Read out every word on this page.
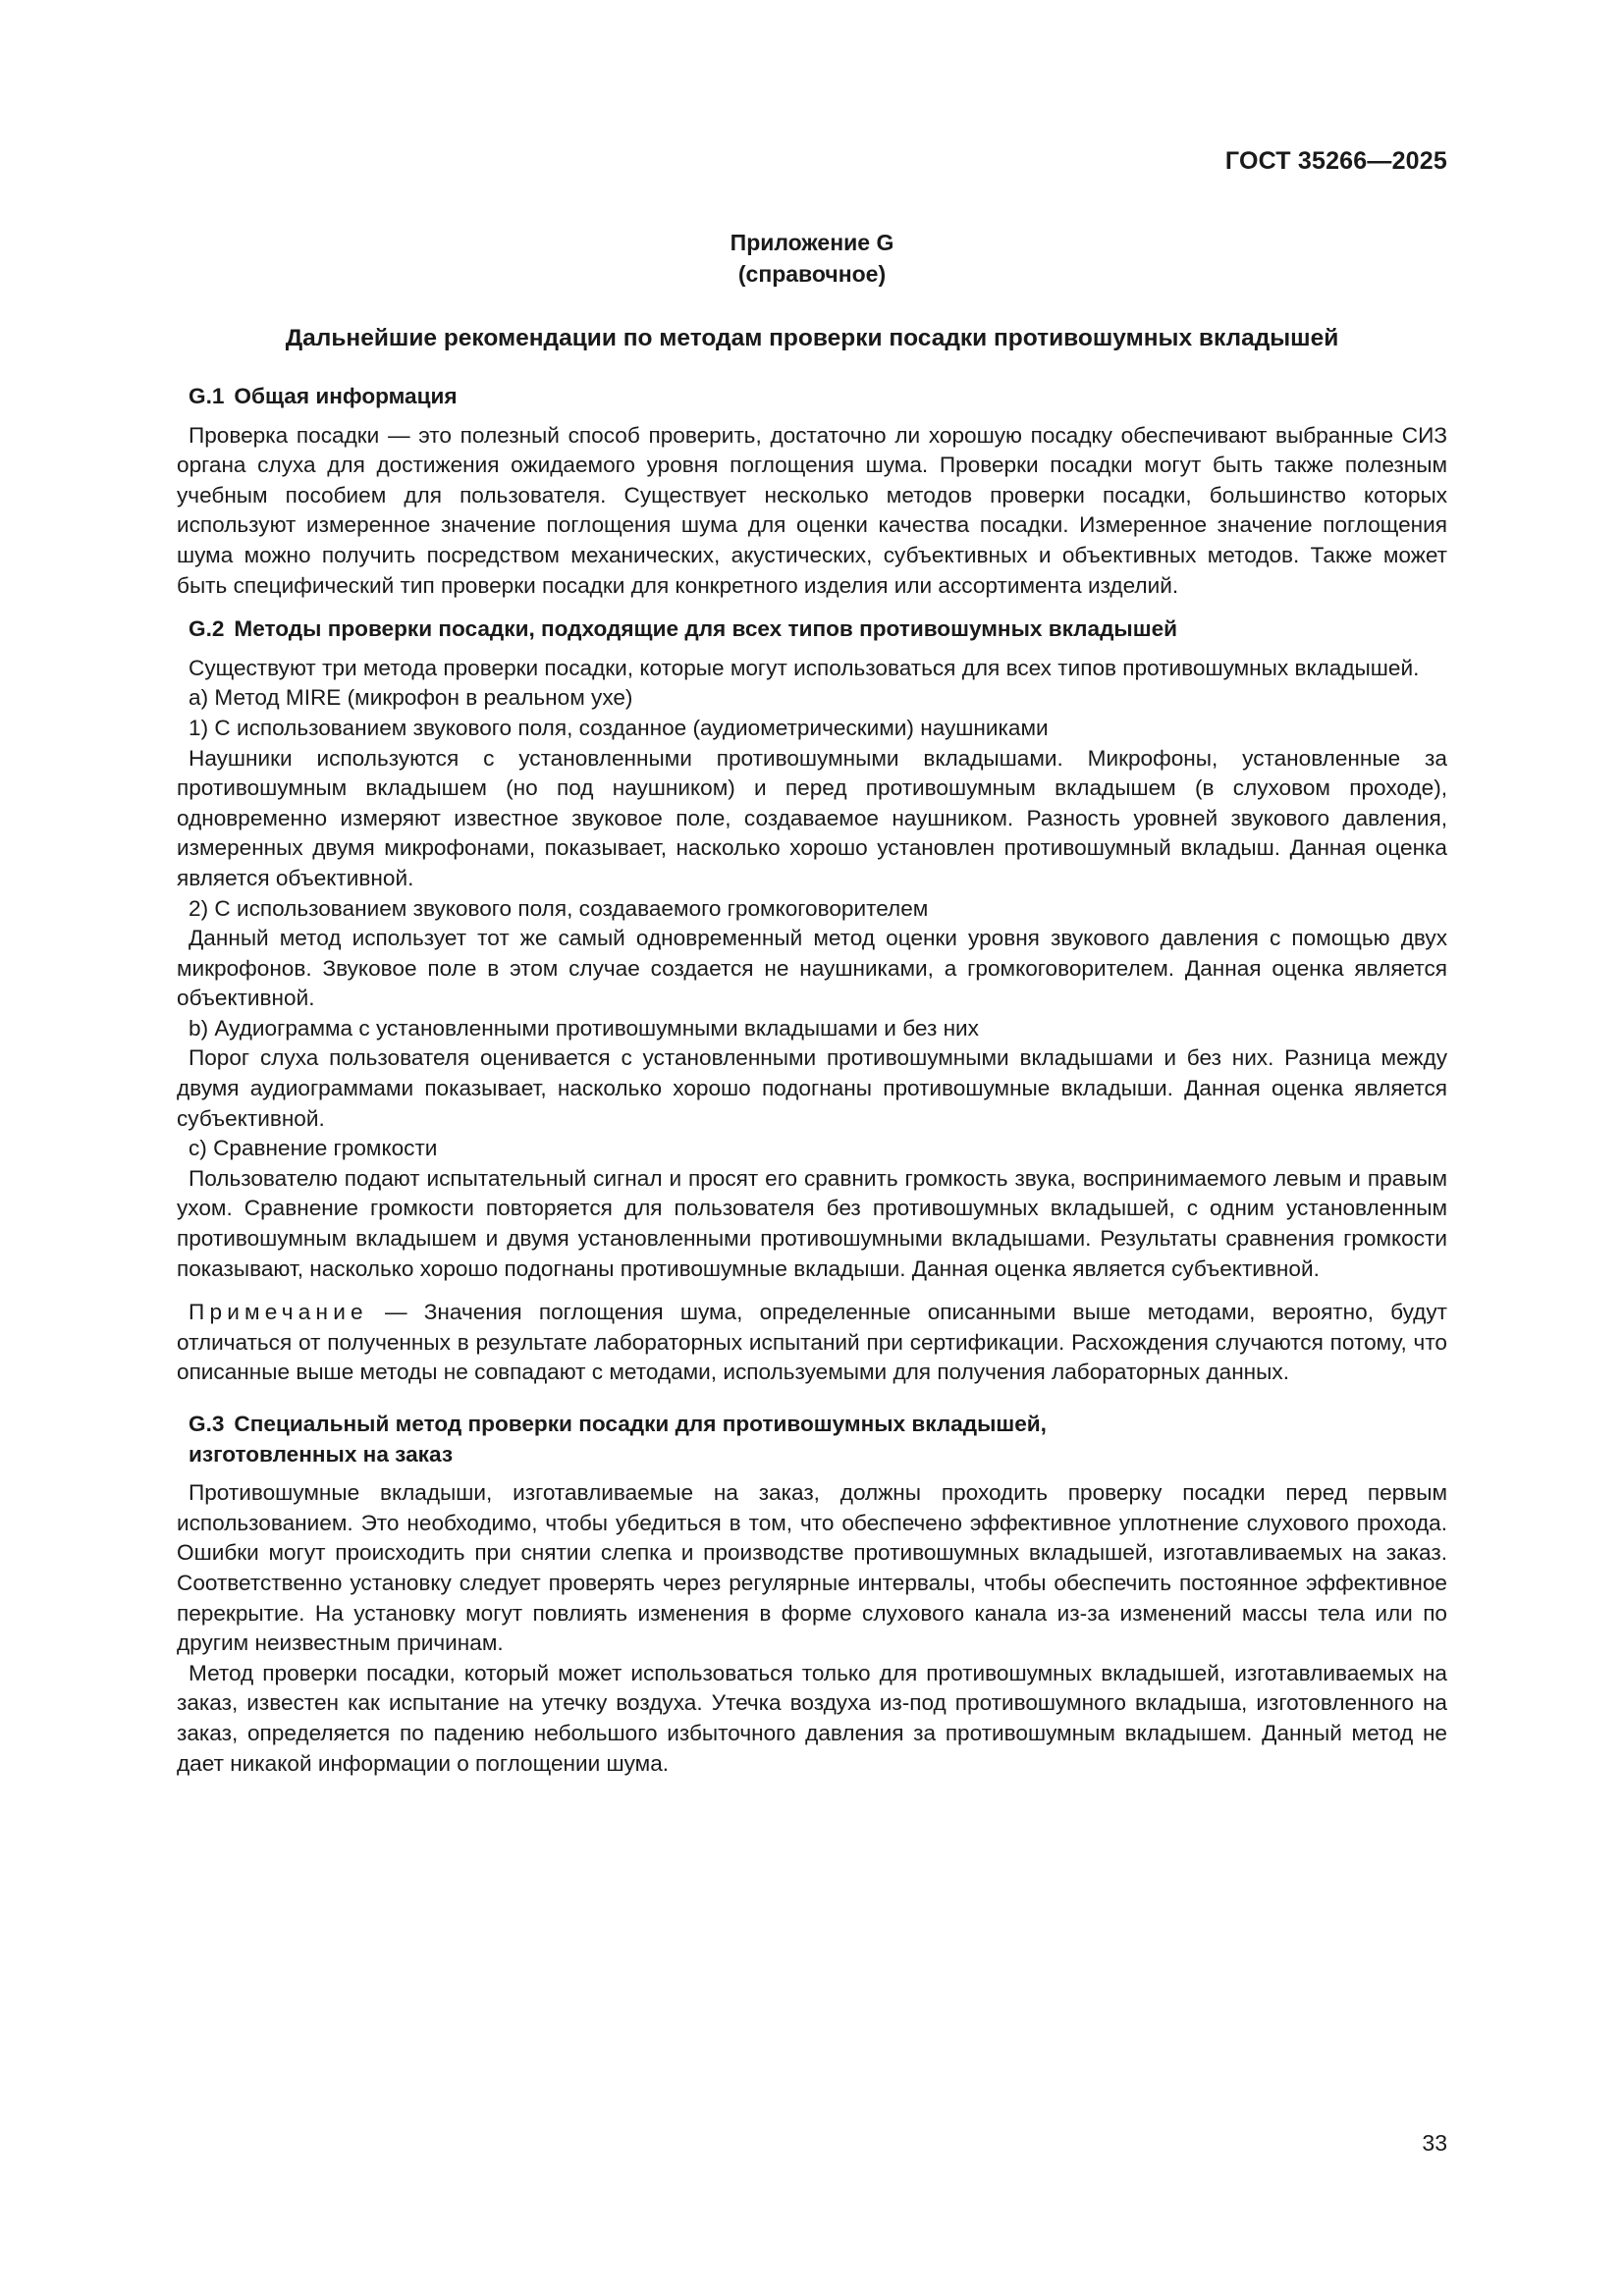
ГОСТ 35266—2025
Приложение G
(справочное)
Дальнейшие рекомендации по методам проверки посадки противошумных вкладышей
G.1 Общая информация

Проверка посадки — это полезный способ проверить, достаточно ли хорошую посадку обеспечивают выбранные СИЗ органа слуха для достижения ожидаемого уровня поглощения шума. Проверки посадки могут быть также полезным учебным пособием для пользователя. Существует несколько методов проверки посадки, большинство которых используют измеренное значение поглощения шума для оценки качества посадки. Измеренное значение поглощения шума можно получить посредством механических, акустических, субъективных и объективных методов. Также может быть специфический тип проверки посадки для конкретного изделия или ассортимента изделий.

G.2 Методы проверки посадки, подходящие для всех типов противошумных вкладышей

Существуют три метода проверки посадки, которые могут использоваться для всех типов противошумных вкладышей.

а) Метод MIRE (микрофон в реальном ухе)
1) С использованием звукового поля, созданное (аудиометрическими) наушниками

Наушники используются с установленными противошумными вкладышами. Микрофоны, установленные за противошумным вкладышем (но под наушником) и перед противошумным вкладышем (в слуховом проходе), одновременно измеряют известное звуковое поле, создаваемое наушником. Разность уровней звукового давления, измеренных двумя микрофонами, показывает, насколько хорошо установлен противошумный вкладыш. Данная оценка является объективной.

2) С использованием звукового поля, создаваемого громкоговорителем

Данный метод использует тот же самый одновременный метод оценки уровня звукового давления с помощью двух микрофонов. Звуковое поле в этом случае создается не наушниками, а громкоговорителем. Данная оценка является объективной.

b) Аудиограмма с установленными противошумными вкладышами и без них

Порог слуха пользователя оценивается с установленными противошумными вкладышами и без них. Разница между двумя аудиограммами показывает, насколько хорошо подогнаны противошумные вкладыши. Данная оценка является субъективной.

с) Сравнение громкости

Пользователю подают испытательный сигнал и просят его сравнить громкость звука, воспринимаемого левым и правым ухом. Сравнение громкости повторяется для пользователя без противошумных вкладышей, с одним установленным противошумным вкладышем и двумя установленными противошумными вкладышами. Результаты сравнения громкости показывают, насколько хорошо подогнаны противошумные вкладыши. Данная оценка является субъективной.

Примечание — Значения поглощения шума, определенные описанными выше методами, вероятно, будут отличаться от полученных в результате лабораторных испытаний при сертификации. Расхождения случаются потому, что описанные выше методы не совпадают с методами, используемыми для получения лабораторных данных.

G.3 Специальный метод проверки посадки для противошумных вкладышей,
изготовленных на заказ

Противошумные вкладыши, изготавливаемые на заказ, должны проходить проверку посадки перед первым использованием. Это необходимо, чтобы убедиться в том, что обеспечено эффективное уплотнение слухового прохода. Ошибки могут происходить при снятии слепка и производстве противошумных вкладышей, изготавливаемых на заказ. Соответственно установку следует проверять через регулярные интервалы, чтобы обеспечить постоянное эффективное перекрытие. На установку могут повлиять изменения в форме слухового канала из-за изменений массы тела или по другим неизвестным причинам.

Метод проверки посадки, который может использоваться только для противошумных вкладышей, изготавливаемых на заказ, известен как испытание на утечку воздуха. Утечка воздуха из-под противошумного вкладыша, изготовленного на заказ, определяется по падению небольшого избыточного давления за противошумным вкладышем. Данный метод не дает никакой информации о поглощении шума.

33
